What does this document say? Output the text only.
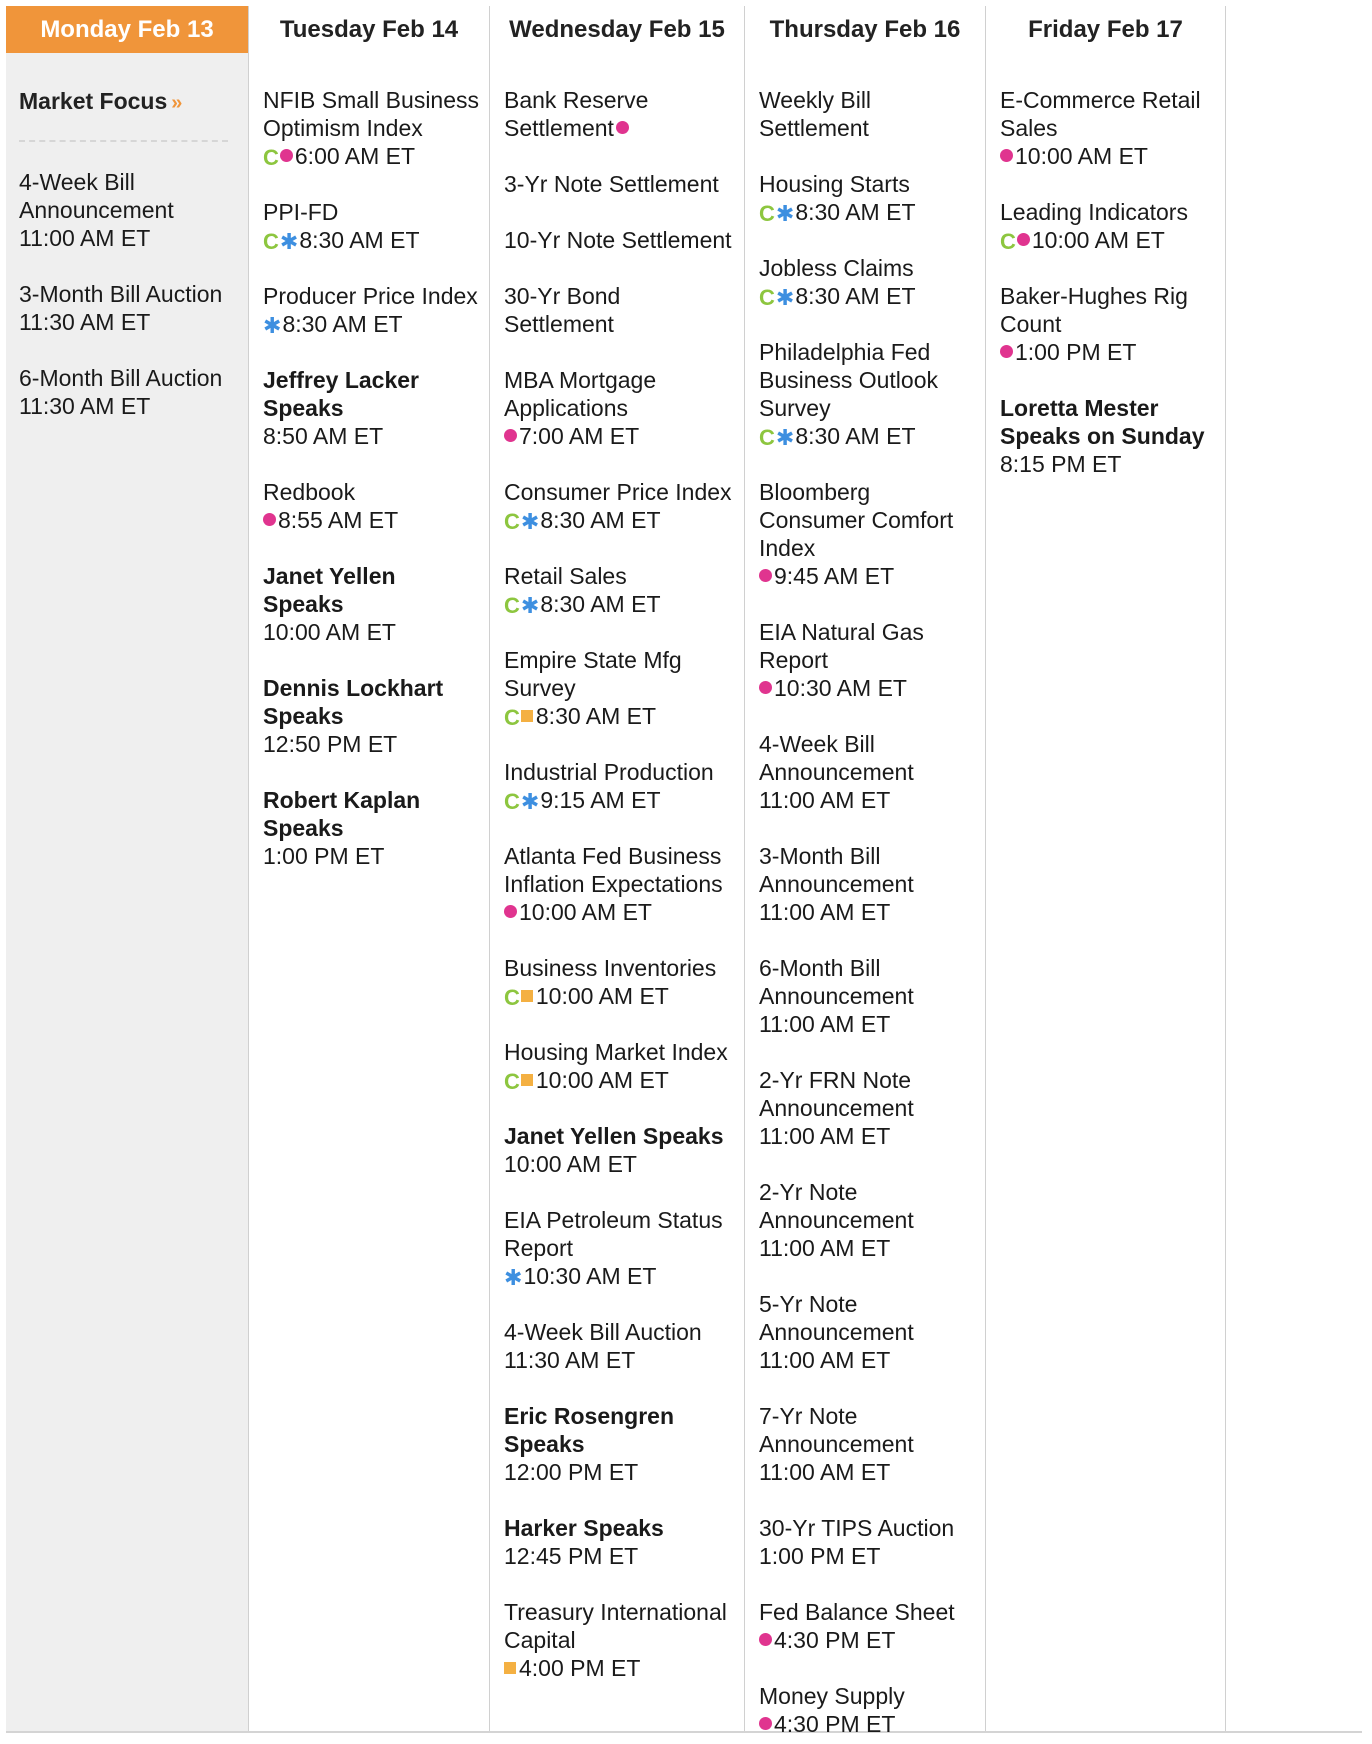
Monday Feb 13
Market Focus »
4-Week Bill Announcement
11:00 AM ET
3-Month Bill Auction
11:30 AM ET
6-Month Bill Auction
11:30 AM ET
Tuesday Feb 14
NFIB Small Business Optimism Index
C 6:00 AM ET
PPI-FD
C✱8:30 AM ET
Producer Price Index
✱8:30 AM ET
Jeffrey Lacker Speaks
8:50 AM ET
Redbook
8:55 AM ET
Janet Yellen Speaks
10:00 AM ET
Dennis Lockhart Speaks
12:50 PM ET
Robert Kaplan Speaks
1:00 PM ET
Wednesday Feb 15
Bank Reserve Settlement
3-Yr Note Settlement
10-Yr Note Settlement
30-Yr Bond Settlement
MBA Mortgage Applications
7:00 AM ET
Consumer Price Index
C✱8:30 AM ET
Retail Sales
C✱8:30 AM ET
Empire State Mfg Survey
C 8:30 AM ET
Industrial Production
C✱9:15 AM ET
Atlanta Fed Business Inflation Expectations
10:00 AM ET
Business Inventories
C 10:00 AM ET
Housing Market Index
C 10:00 AM ET
Janet Yellen Speaks
10:00 AM ET
EIA Petroleum Status Report
✱10:30 AM ET
4-Week Bill Auction
11:30 AM ET
Eric Rosengren Speaks
12:00 PM ET
Harker Speaks
12:45 PM ET
Treasury International Capital
4:00 PM ET
Thursday Feb 16
Weekly Bill Settlement
Housing Starts
C✱8:30 AM ET
Jobless Claims
C✱8:30 AM ET
Philadelphia Fed Business Outlook Survey
C✱8:30 AM ET
Bloomberg Consumer Comfort Index
9:45 AM ET
EIA Natural Gas Report
10:30 AM ET
4-Week Bill Announcement
11:00 AM ET
3-Month Bill Announcement
11:00 AM ET
6-Month Bill Announcement
11:00 AM ET
2-Yr FRN Note Announcement
11:00 AM ET
2-Yr Note Announcement
11:00 AM ET
5-Yr Note Announcement
11:00 AM ET
7-Yr Note Announcement
11:00 AM ET
30-Yr TIPS Auction
1:00 PM ET
Fed Balance Sheet
4:30 PM ET
Money Supply
4:30 PM ET
Friday Feb 17
E-Commerce Retail Sales
10:00 AM ET
Leading Indicators
C 10:00 AM ET
Baker-Hughes Rig Count
1:00 PM ET
Loretta Mester Speaks on Sunday
8:15 PM ET
